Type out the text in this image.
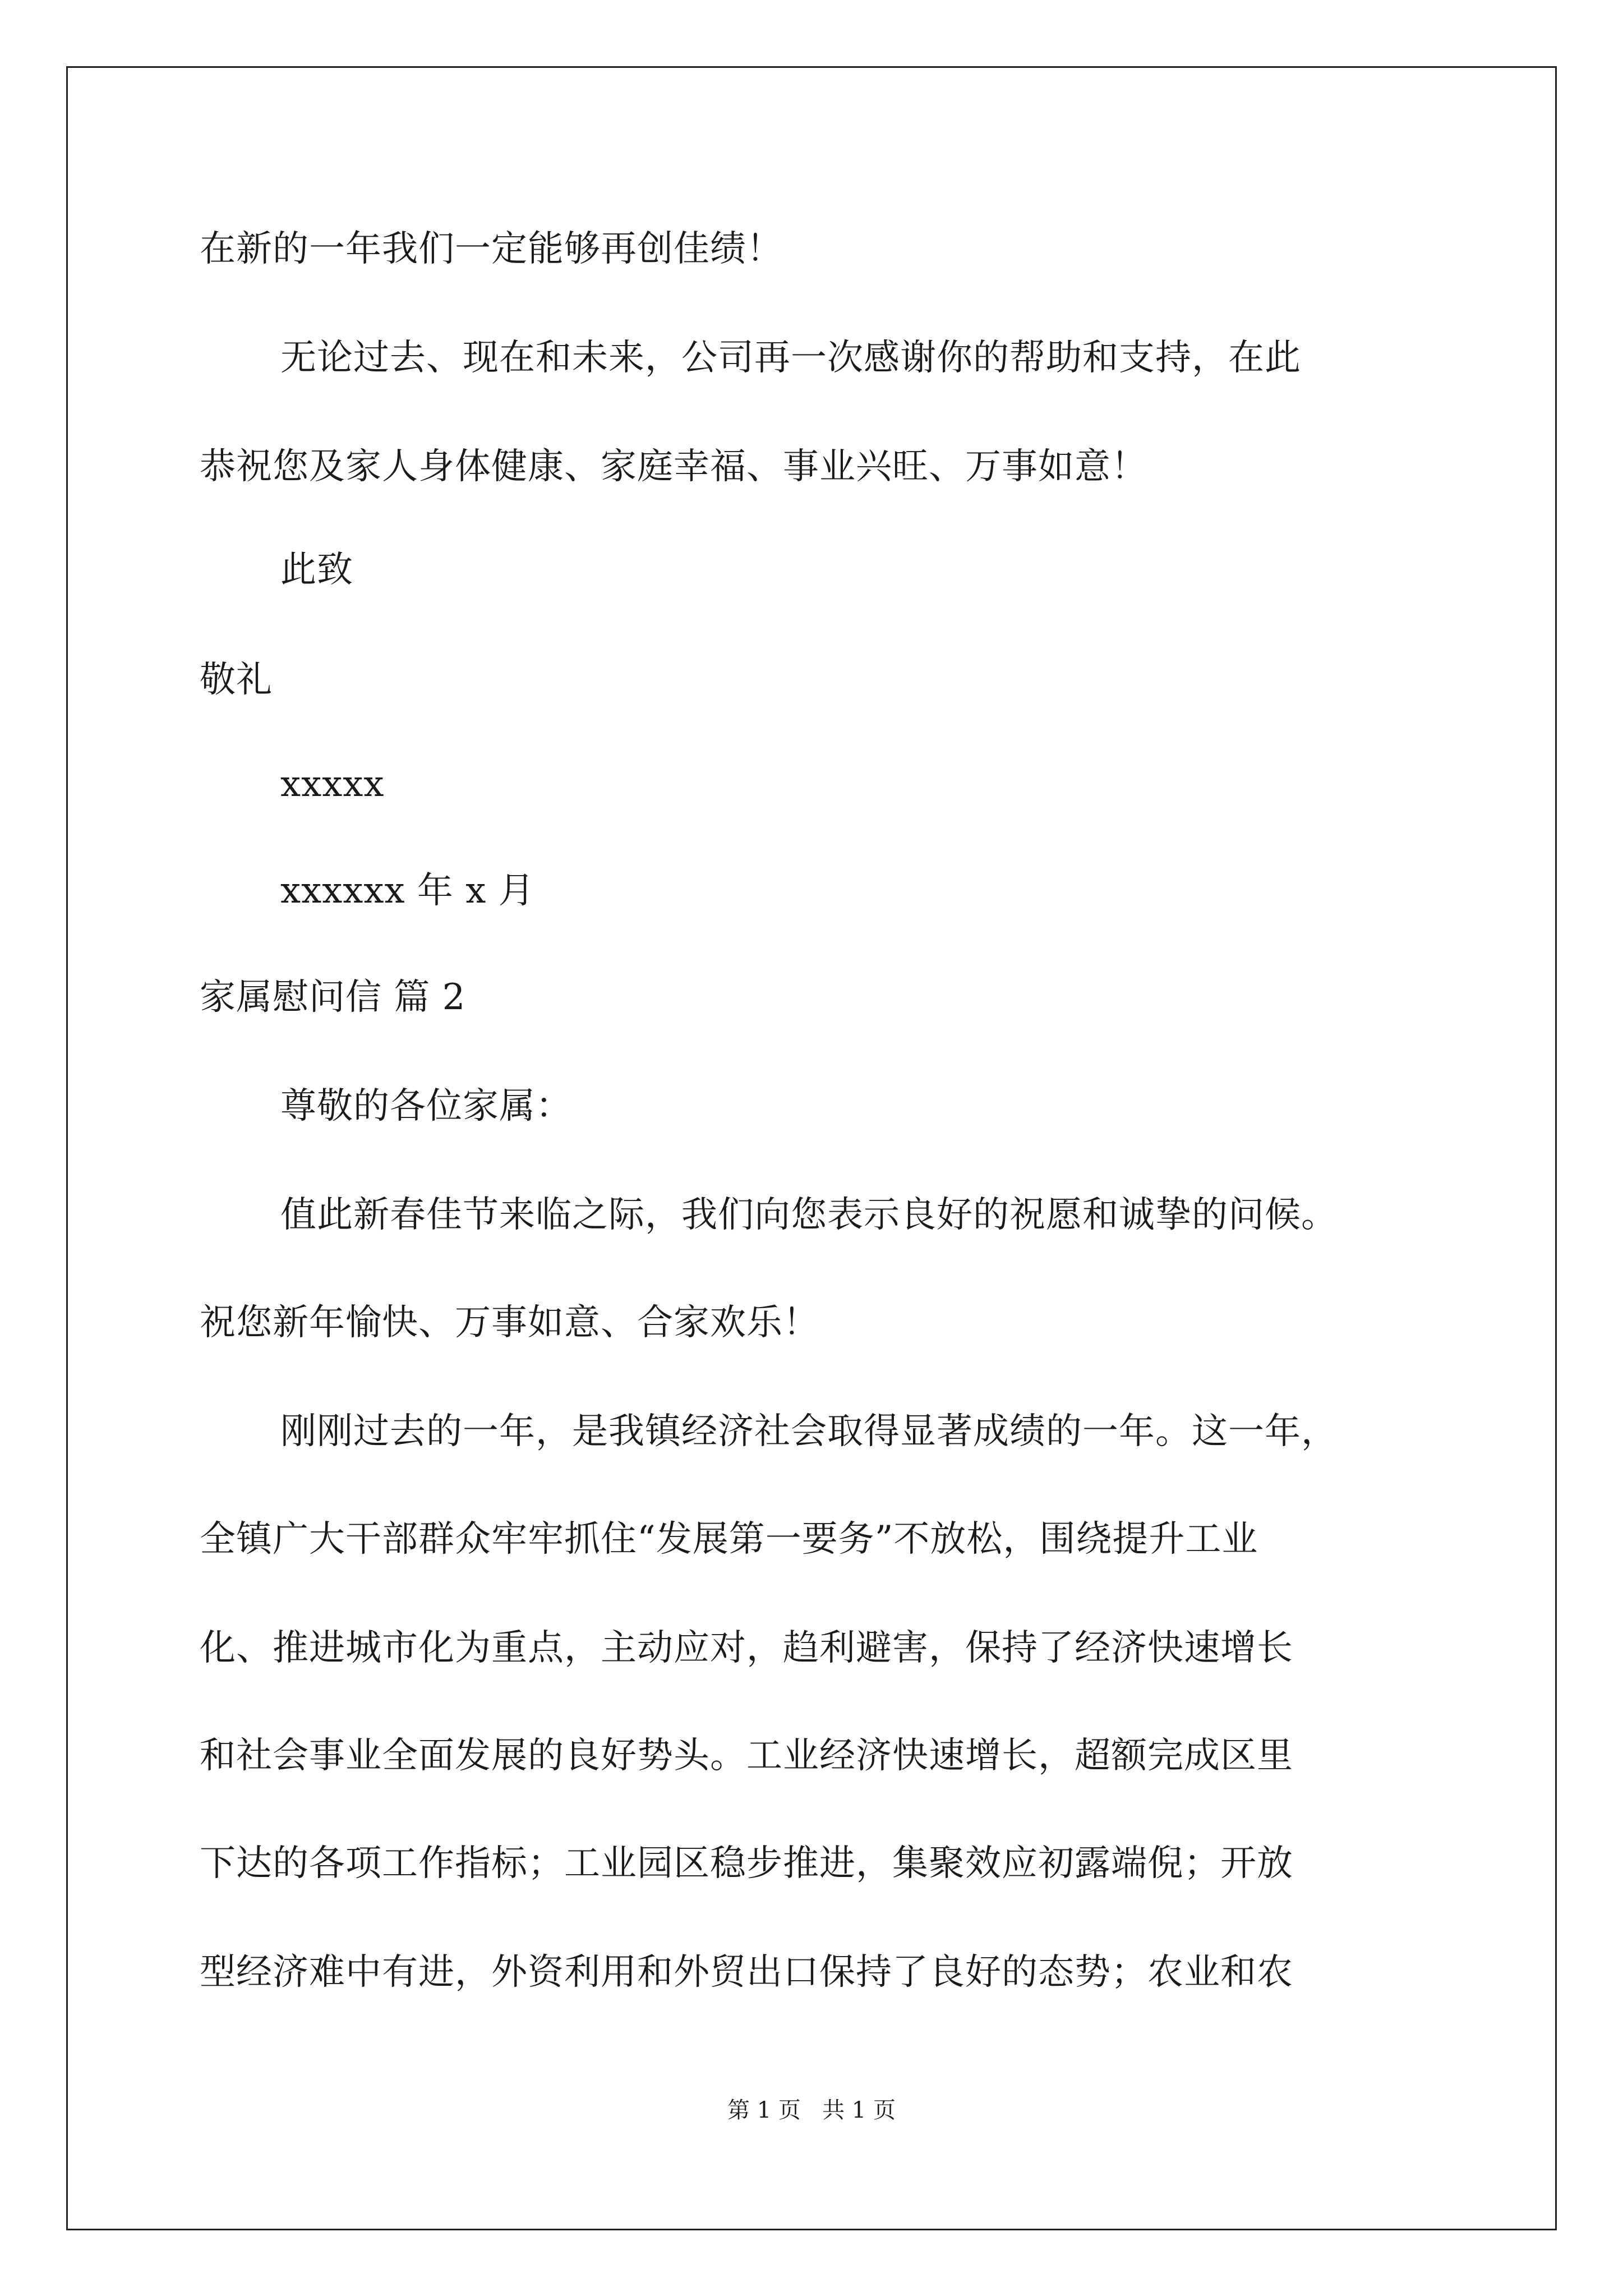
在新的一年我们一定能够再创佳绩！
无论过去、现在和未来，公司再一次感谢你的帮助和支持，在此
恭祝您及家人身体健康、家庭幸福、事业兴旺、万事如意！
此致
敬礼
xxxxx
xxxxxx 年 x 月
家属慰问信 篇 2
尊敬的各位家属：
值此新春佳节来临之际，我们向您表示良好的祝愿和诚挚的问候。
祝您新年愉快、万事如意、合家欢乐！
刚刚过去的一年，是我镇经济社会取得显著成绩的一年。这一年，
全镇广大干部群众牢牢抓住“发展第一要务”不放松，围绕提升工业
化、推进城市化为重点，主动应对，趋利避害，保持了经济快速增长
和社会事业全面发展的良好势头。工业经济快速增长，超额完成区里
下达的各项工作指标；工业园区稳步推进，集聚效应初露端倪；开放
型经济难中有进，外资利用和外贸出口保持了良好的态势；农业和农
第 1 页   共 1 页
